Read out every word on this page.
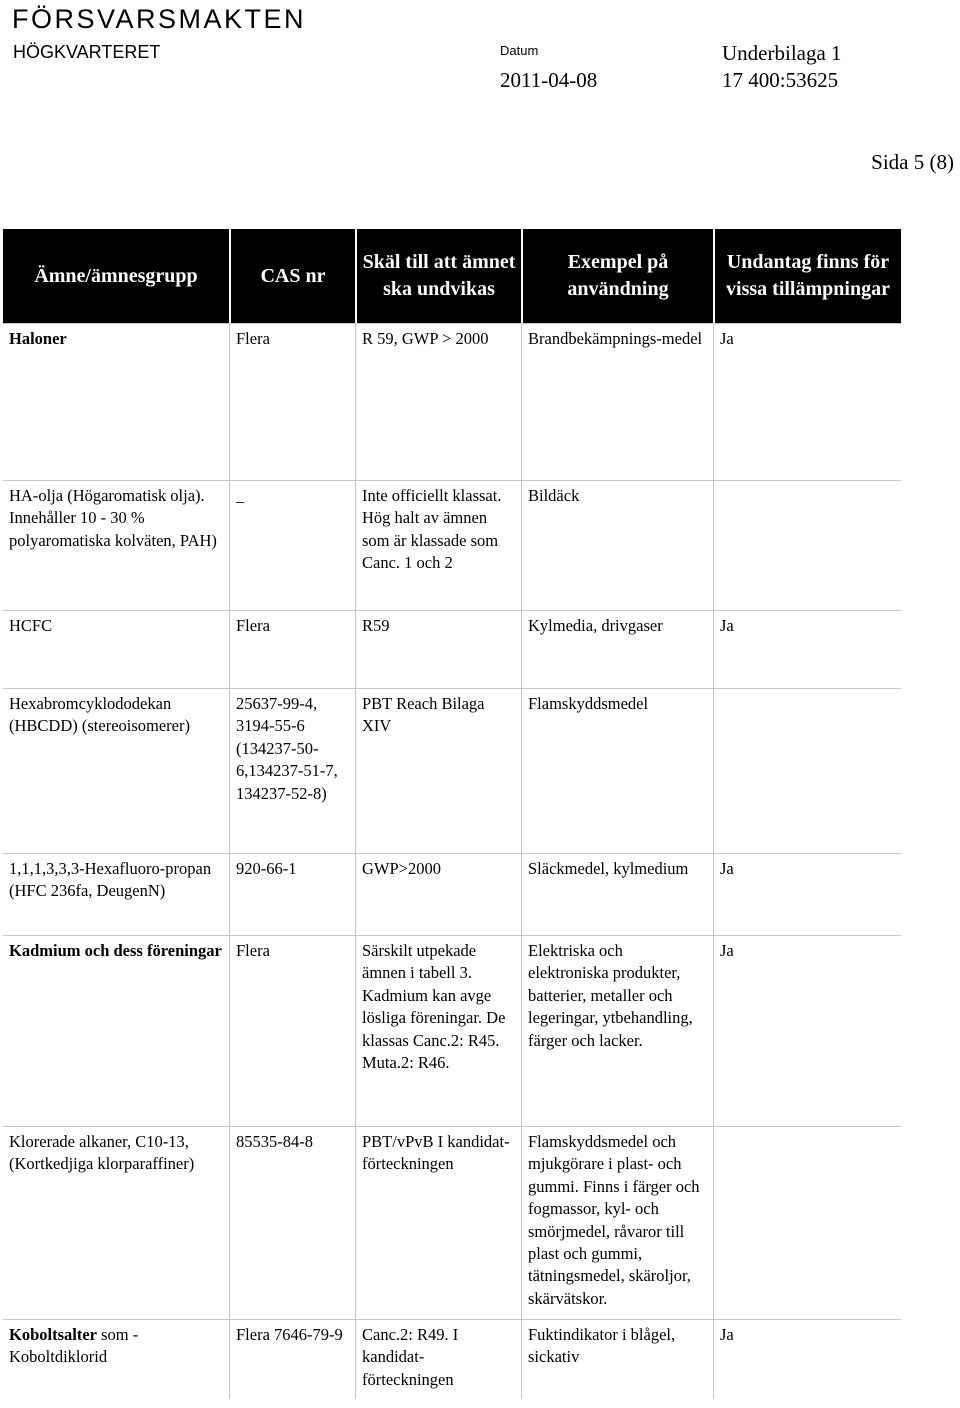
FÖRSVARSMAKTEN
HÖGKVARTERET	Datum
2011-04-08
Underbilaga 1
17 400:53625
Sida 5 (8)
Ämne/ämnesgrupp	CAS nr	Skäl till att ämnet ska undvikas	Exempel på användning	Undantag finns för vissa tillämpningar
Haloner	Flera	R 59, GWP > 2000	Brandbekämpnings-medel	Ja
HA-olja (Högaromatisk olja). Innehåller 10 - 30 % polyaromatiska kolväten, PAH)	_	Inte officiellt klassat. Hög halt av ämnen som är klassade som Canc. 1 och 2	Bildäck	
HCFC	Flera	R59	Kylmedia, drivgaser	Ja
Hexabromcyklododekan (HBCDD) (stereoisomerer)	25637-99-4, 3194-55-6 (134237-50-6,134237-51-7, 134237-52-8)	PBT Reach Bilaga XIV	Flamskyddsmedel	
1,1,1,3,3,3-Hexafluoro-propan (HFC 236fa, DeugenN)	920-66-1	GWP>2000	Släckmedel, kylmedium	Ja
Kadmium och dess föreningar	Flera	Särskilt utpekade ämnen i tabell 3. Kadmium kan avge lösliga föreningar. De klassas Canc.2: R45. Muta.2: R46.	Elektriska och elektroniska produkter, batterier, metaller och legeringar, ytbehandling, färger och lacker.	Ja
Klorerade alkaner, C10-13, (Kortkedjiga klorparaffiner)	85535-84-8	PBT/vPvB I kandidat-förteckningen	Flamskyddsmedel och mjukgörare i plast- och gummi. Finns i färger och fogmassor, kyl- och smörjmedel, råvaror till plast och gummi, tätningsmedel, skäroljor, skärvätskor.	
Koboltsalter som - Koboltdiklorid	Flera 7646-79-9	Canc.2: R49. I kandidat-förteckningen	Fuktindikator i blågel, sickativ	Ja
